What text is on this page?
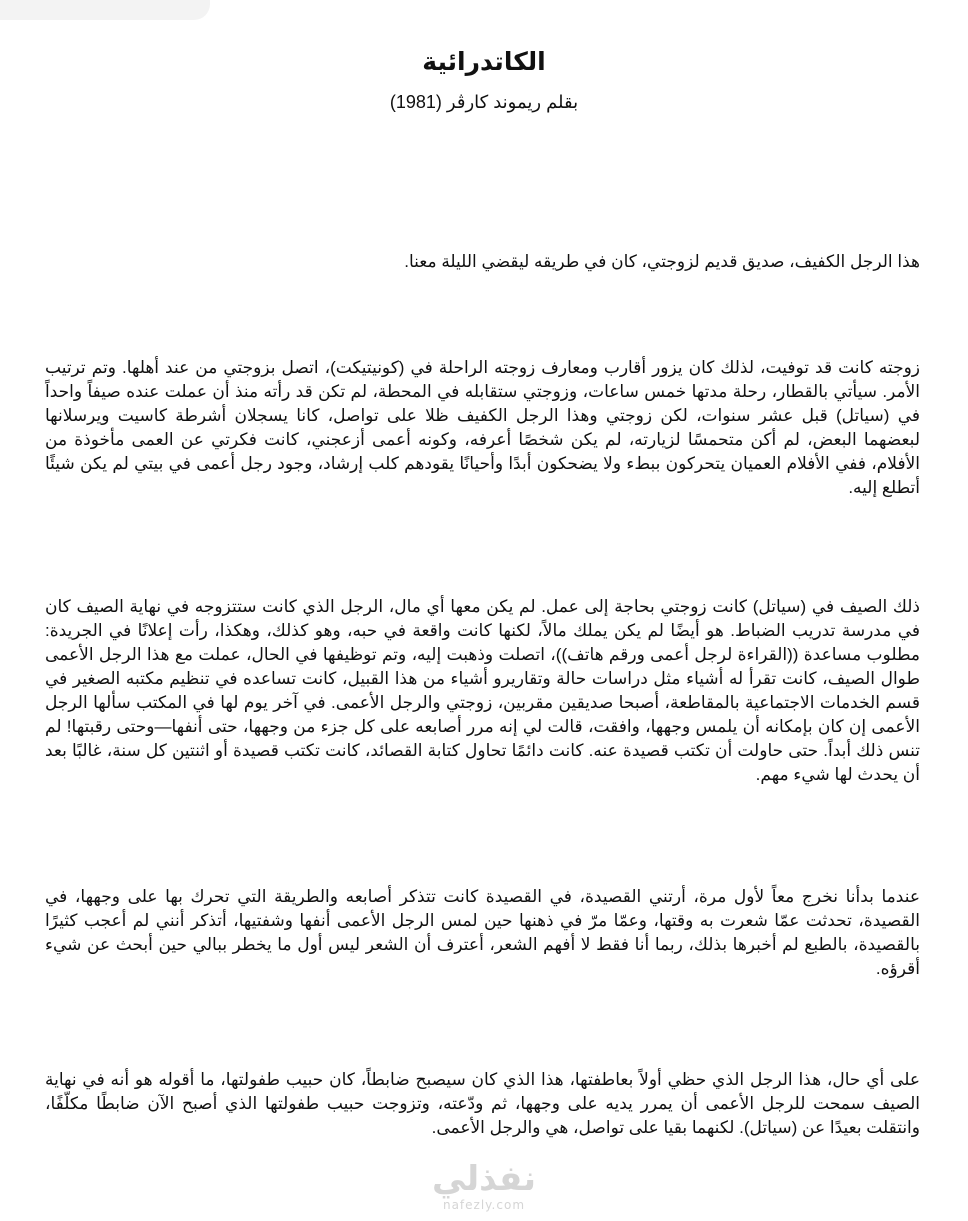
الكاتدرائية
بقلم ريموند كارڤر (1981)

هذا الرجل الكفيف، صديق قديم لزوجتي، كان في طريقه ليقضي الليلة معنا.

زوجته كانت قد توفيت، لذلك كان يزور أقارب ومعارف زوجته الراحلة في (كونيتيكت)، اتصل بزوجتي من عند أهلها. وتم ترتيب الأمر. سيأتي بالقطار، رحلة مدتها خمس ساعات، وزوجتي ستقابله في المحطة، لم تكن قد رأته منذ أن عملت عنده صيفاً واحداً في (سياتل) قبل عشر سنوات، لكن زوجتي وهذا الرجل الكفيف ظلا على تواصل، كانا يسجلان أشرطة كاسيت ويرسلانها لبعضهما البعض، لم أكن متحمسًا لزيارته، لم يكن شخصًا أعرفه، وكونه أعمى أزعجني، كانت فكرتي عن العمى مأخوذة من الأفلام، ففي الأفلام العميان يتحركون ببطء ولا يضحكون أبدًا وأحيانًا يقودهم كلب إرشاد، وجود رجل أعمى في بيتي لم يكن شيئًا أتطلع إليه.

ذلك الصيف في (سياتل) كانت زوجتي بحاجة إلى عمل. لم يكن معها أي مال، الرجل الذي كانت ستتزوجه في نهاية الصيف كان في مدرسة تدريب الضباط. هو أيضًا لم يكن يملك مالاً، لكنها كانت واقعة في حبه، وهو كذلك، وهكذا، رأت إعلانًا في الجريدة: مطلوب مساعدة ((القراءة لرجل أعمى ورقم هاتف))، اتصلت وذهبت إليه، وتم توظيفها في الحال، عملت مع هذا الرجل الأعمى طوال الصيف، كانت تقرأ له أشياء مثل دراسات حالة وتقاريرو أشياء من هذا القبيل، كانت تساعده في تنظيم مكتبه الصغير في قسم الخدمات الاجتماعية بالمقاطعة، أصبحا صديقين مقربين، زوجتي والرجل الأعمى. في آخر يوم لها في المكتب سألها الرجل الأعمى إن كان بإمكانه أن يلمس وجهها، وافقت، قالت لي إنه مرر أصابعه على كل جزء من وجهها، حتى أنفها—وحتى رقبتها! لم تنس ذلك أبداً. حتى حاولت أن تكتب قصيدة عنه. كانت دائمًا تحاول كتابة القصائد، كانت تكتب قصيدة أو اثنتين كل سنة، غالبًا بعد أن يحدث لها شيء مهم.

عندما بدأنا نخرج معاً لأول مرة، أرتني القصيدة، في القصيدة كانت تتذكر أصابعه والطريقة التي تحرك بها على وجهها، في القصيدة، تحدثت عمّا شعرت به وقتها، وعمّا مرّ في ذهنها حين لمس الرجل الأعمى أنفها وشفتيها، أتذكر أنني لم أعجب كثيرًا بالقصيدة، بالطبع لم أخبرها بذلك، ربما أنا فقط لا أفهم الشعر، أعترف أن الشعر ليس أول ما يخطر ببالي حين أبحث عن شيء أقرؤه.

على أي حال، هذا الرجل الذي حظي أولاً بعاطفتها، هذا الذي كان سيصبح ضابطاً، كان حبيب طفولتها، ما أقوله هو أنه في نهاية الصيف سمحت للرجل الأعمى أن يمرر يديه على وجهها، ثم ودّعته، وتزوجت حبيب طفولتها الذي أصبح الآن ضابطًا مكلّفًا، وانتقلت بعيدًا عن (سياتل). لكنهما بقيا على تواصل، هي والرجل الأعمى.

نفذلي
nafezly.com
